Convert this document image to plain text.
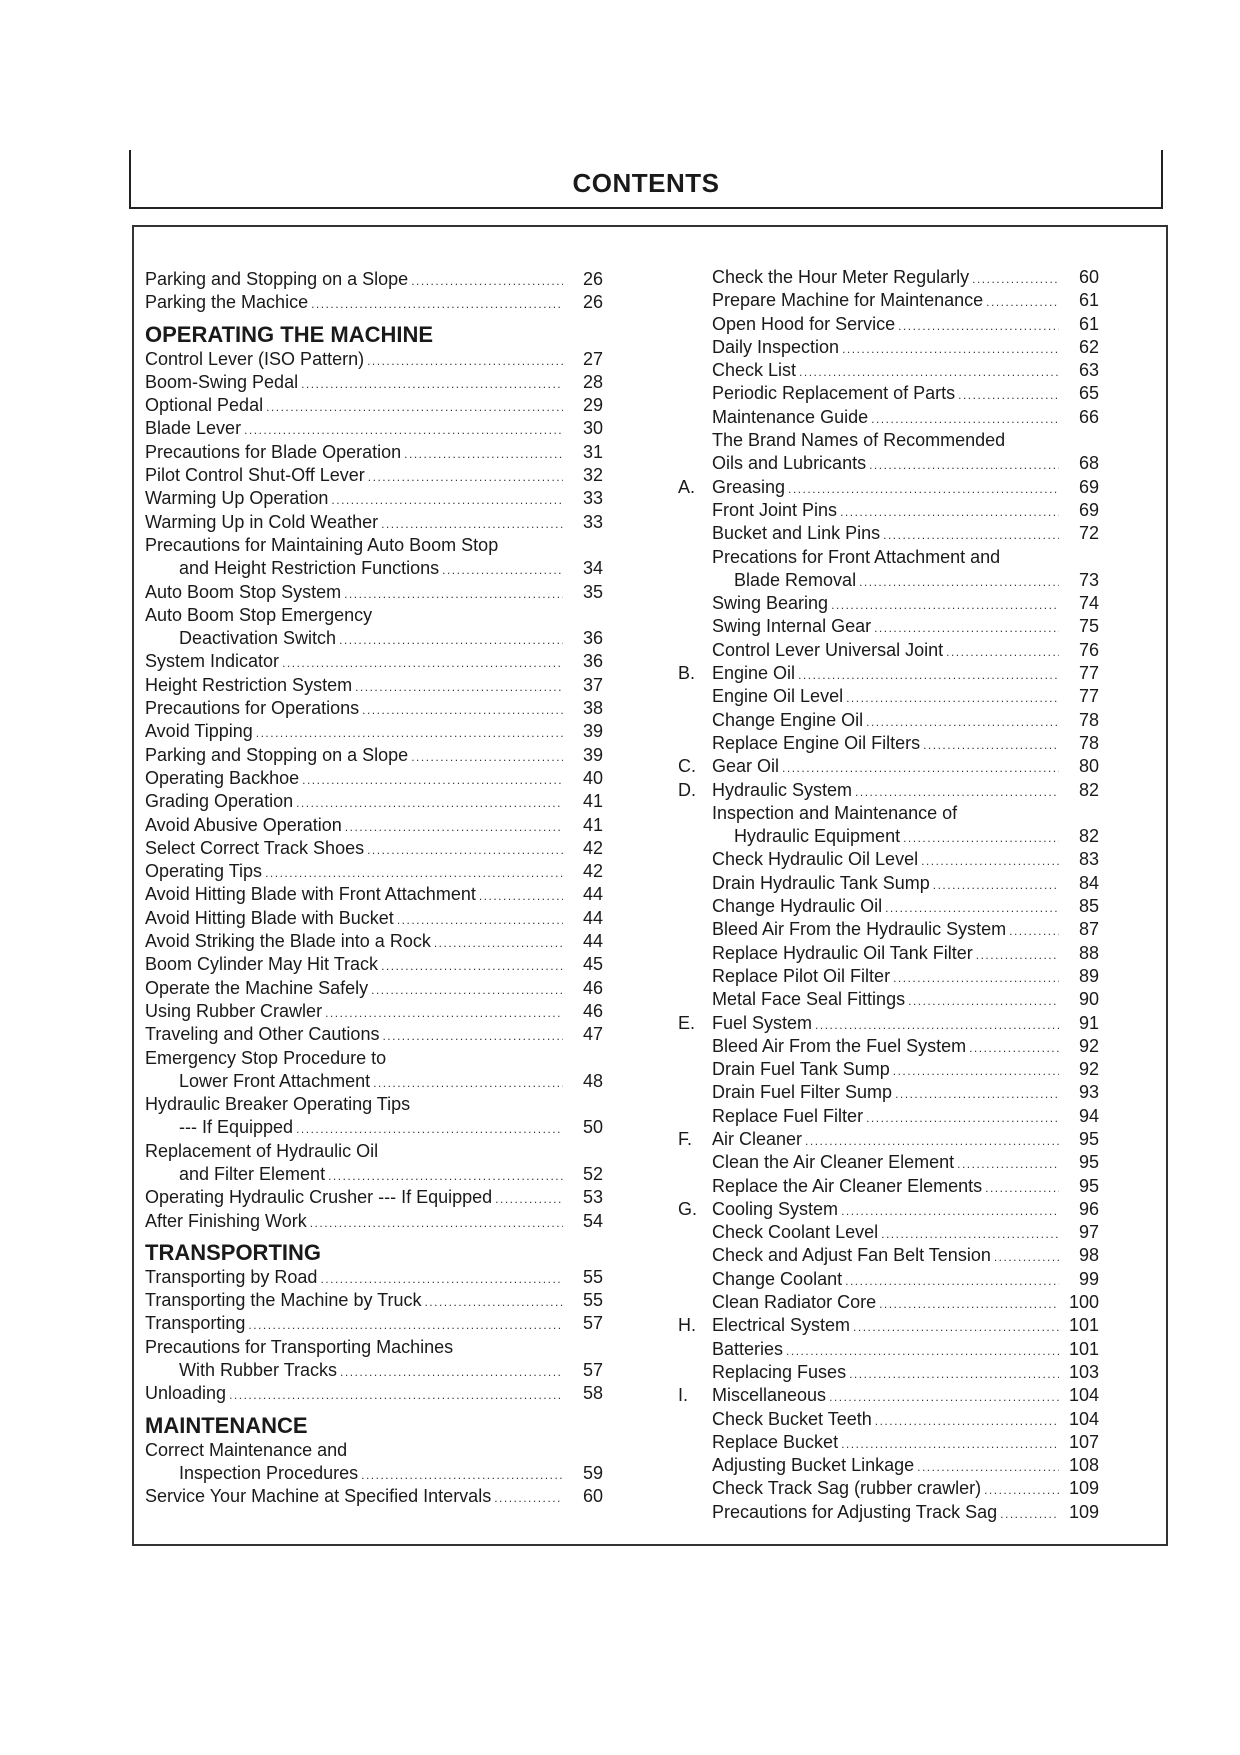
CONTENTS
Parking and Stopping on a Slope .....	26
Parking the Machice .....	26
OPERATING THE MACHINE
Control Lever (ISO Pattern) .....	27
Boom-Swing Pedal .....	28
Optional Pedal .....	29
Blade Lever .....	30
Precautions for Blade Operation .....	31
Pilot Control Shut-Off Lever .....	32
Warming Up Operation .....	33
Warming Up in Cold Weather .....	33
Precautions for Maintaining Auto Boom Stop
and Height Restriction Functions .....	34
Auto Boom Stop System .....	35
Auto Boom Stop Emergency
Deactivation Switch .....	36
System Indicator .....	36
Height Restriction System .....	37
Precautions for Operations .....	38
Avoid Tipping .....	39
Parking and Stopping on a Slope .....	39
Operating Backhoe .....	40
Grading Operation .....	41
Avoid Abusive Operation .....	41
Select Correct Track Shoes .....	42
Operating Tips .....	42
Avoid Hitting Blade with Front Attachment .....	44
Avoid Hitting Blade with Bucket .....	44
Avoid Striking the Blade into a Rock .....	44
Boom Cylinder May Hit Track .....	45
Operate the Machine Safely .....	46
Using Rubber Crawler .....	46
Traveling and Other Cautions .....	47
Emergency Stop Procedure to
Lower Front Attachment .....	48
Hydraulic Breaker Operating Tips
--- If Equipped .....	50
Replacement of Hydraulic Oil
and Filter Element .....	52
Operating Hydraulic Crusher --- If Equipped .....	53
After Finishing Work .....	54
TRANSPORTING
Transporting by Road .....	55
Transporting the Machine by Truck .....	55
Transporting .....	57
Precautions for Transporting Machines
With Rubber Tracks .....	57
Unloading .....	58
MAINTENANCE
Correct Maintenance and
Inspection Procedures .....	59
Service Your Machine at Specified Intervals .....	60
Check the Hour Meter Regularly .....	60
Prepare Machine for Maintenance .....	61
Open Hood for Service .....	61
Daily Inspection .....	62
Check List .....	63
Periodic Replacement of Parts .....	65
Maintenance Guide .....	66
The Brand Names of Recommended
Oils and Lubricants .....	68
A. Greasing .....	69
Front Joint Pins .....	69
Bucket and Link Pins .....	72
Precations for Front Attachment and
Blade Removal .....	73
Swing Bearing .....	74
Swing Internal Gear .....	75
Control Lever Universal Joint .....	76
B. Engine Oil .....	77
Engine Oil Level .....	77
Change Engine Oil .....	78
Replace Engine Oil Filters .....	78
C. Gear Oil .....	80
D. Hydraulic System .....	82
Inspection and Maintenance of
Hydraulic Equipment .....	82
Check Hydraulic Oil Level .....	83
Drain Hydraulic Tank Sump .....	84
Change Hydraulic Oil .....	85
Bleed Air From the Hydraulic System .....	87
Replace Hydraulic Oil Tank Filter .....	88
Replace Pilot Oil Filter .....	89
Metal Face Seal Fittings .....	90
E. Fuel System .....	91
Bleed Air From the Fuel System .....	92
Drain Fuel Tank Sump .....	92
Drain Fuel Filter Sump .....	93
Replace Fuel Filter .....	94
F.	Air Cleaner .....	95
Clean the Air Cleaner Element .....	95
Replace the Air Cleaner Elements .....	95
G. Cooling System .....	96
Check Coolant Level .....	97
Check and Adjust Fan Belt Tension .....	98
Change Coolant .....	99
Clean Radiator Core .....	100
H. Electrical System .....	101
Batteries .....	101
Replacing Fuses .....	103
I.	Miscellaneous .....	104
Check Bucket Teeth .....	104
Replace Bucket .....	107
Adjusting Bucket Linkage .....	108
Check Track Sag (rubber crawler) .....	109
Precautions for Adjusting Track Sag .....	109
